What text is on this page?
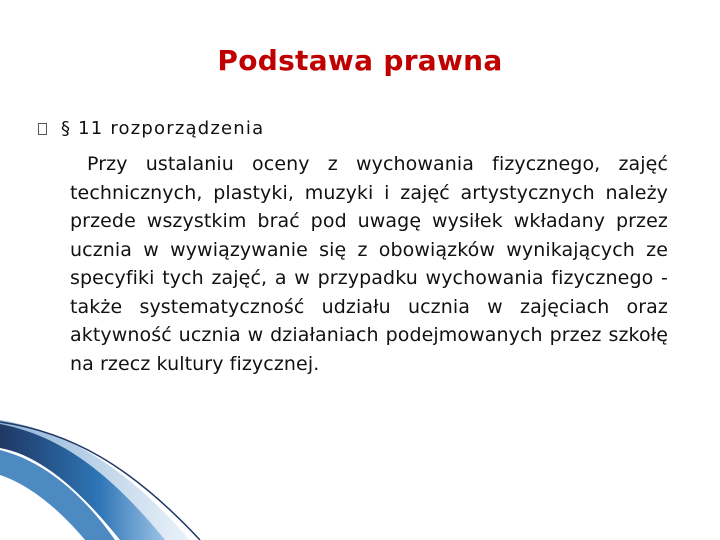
Podstawa prawna
§ 11 rozporządzenia
Przy ustalaniu oceny z wychowania fizycznego, zajęć technicznych, plastyki, muzyki i zajęć artystycznych należy przede wszystkim brać pod uwagę wysiłek wkładany przez ucznia w wywiązywanie się z obowiązków wynikających ze specyfiki tych zajęć, a w przypadku wychowania fizycznego - także systematyczność udziału ucznia w zajęciach oraz aktywność ucznia w działaniach podejmowanych przez szkołę na rzecz kultury fizycznej.
